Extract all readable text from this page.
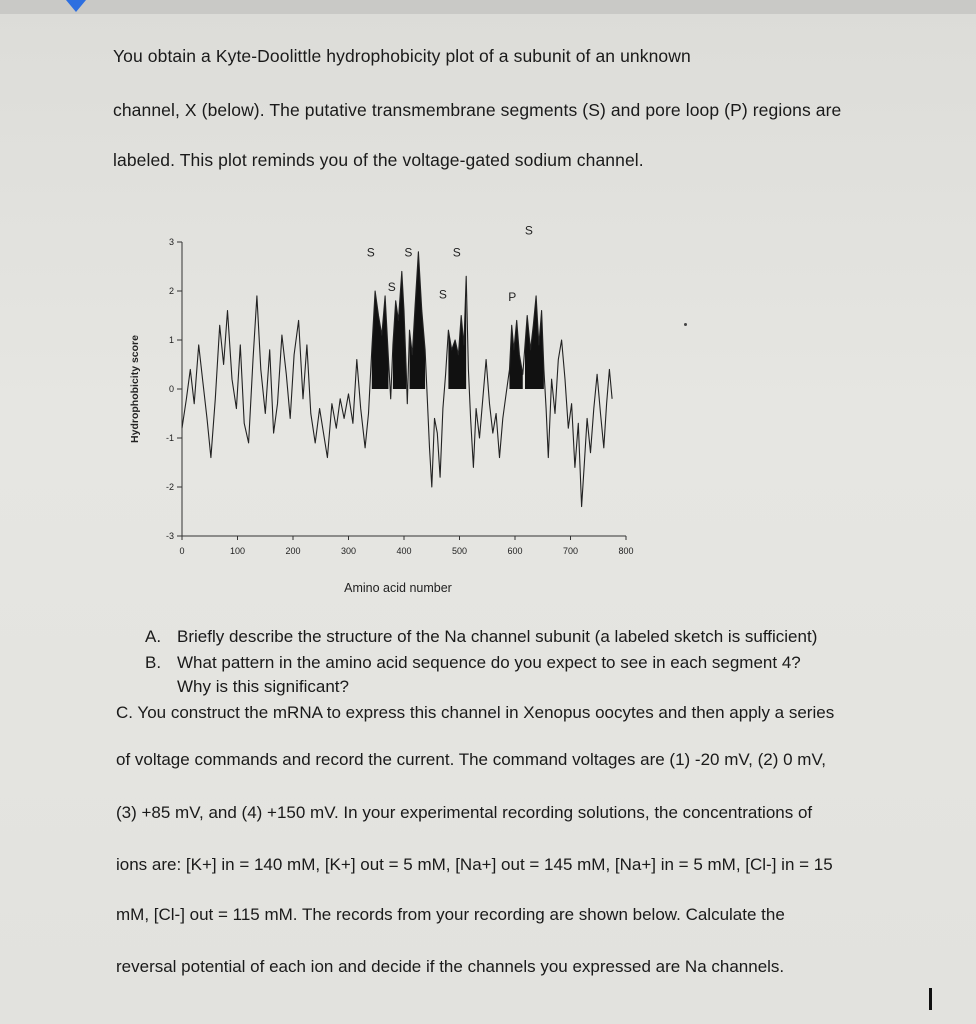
You obtain a Kyte-Doolittle hydrophobicity plot of a subunit of an unknown
channel, X (below). The putative transmembrane segments (S) and pore loop (P) regions are
labeled. This plot reminds you of the voltage-gated sodium channel.
3
2
1
0
-1
-2
-3
0	100	200	300	400	500	600	700	800
Hydrophobicity score
Amino acid number
S
S
S
S
S
P
S
A. Briefly describe the structure of the Na channel subunit (a labeled sketch is sufficient)
B. What pattern in the amino acid sequence do you expect to see in each segment 4?
Why is this significant?
C. You construct the mRNA to express this channel in Xenopus oocytes and then apply a series
of voltage commands and record the current. The command voltages are (1) -20 mV, (2) 0 mV,
(3) +85 mV, and (4) +150 mV. In your experimental recording solutions, the concentrations of
ions are: [K+] in = 140 mM, [K+] out = 5 mM, [Na+] out = 145 mM, [Na+] in = 5 mM, [Cl-] in = 15
mM, [Cl-] out = 115 mM. The records from your recording are shown below. Calculate the
reversal potential of each ion and decide if the channels you expressed are Na channels.
